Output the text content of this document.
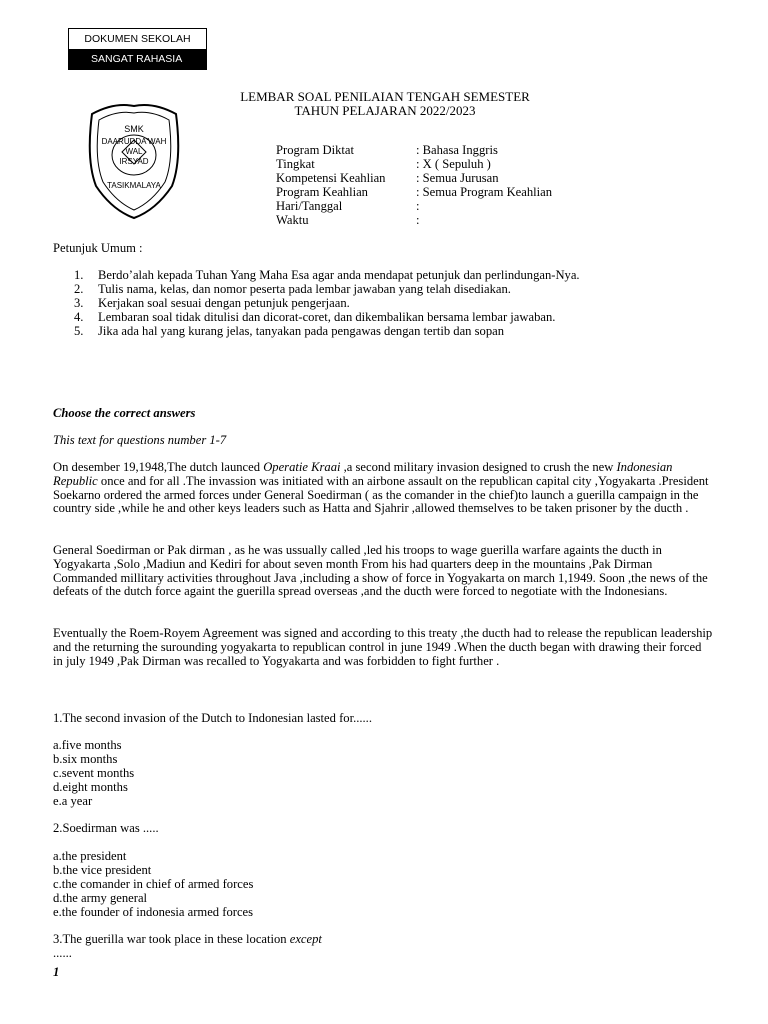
DOKUMEN SEKOLAH
SANGAT RAHASIA
LEMBAR SOAL PENILAIAN TENGAH SEMESTER
TAHUN PELAJARAN 2022/2023
SMK
DAARUDDA'WAH
WAL
IRSYAD
TASIKMALAYA
Program Diktat	: Bahasa Inggris
Tingkat	: X ( Sepuluh )
Kompetensi Keahlian	: Semua Jurusan
Program Keahlian	: Semua Program Keahlian
Hari/Tanggal	:
Waktu	:
Petunjuk Umum :
1.	Berdo’alah kepada Tuhan Yang Maha Esa agar anda mendapat petunjuk dan perlindungan-Nya.
2.	Tulis nama, kelas, dan nomor peserta pada lembar jawaban yang telah disediakan.
3.	Kerjakan soal sesuai dengan petunjuk pengerjaan.
4.	Lembaran soal tidak ditulisi dan dicorat-coret, dan dikembalikan bersama lembar jawaban.
5.	Jika ada hal yang kurang jelas, tanyakan pada pengawas dengan tertib dan sopan
Choose the correct answers
This text for questions number 1-7
On desember 19,1948,The dutch launced Operatie Kraai ,a second military invasion designed to crush the new Indonesian Republic once and for all .The invassion was initiated with an airbone assault on the republican capital city ,Yogyakarta .President Soekarno ordered the armed forces under General Soedirman ( as the comander in the chief)to launch a guerilla campaign in the country side ,while he and other keys leaders such as Hatta and Sjahrir ,allowed themselves to be taken prisoner by the ducth .
General Soedirman or Pak dirman , as he was ussually called ,led his troops to wage guerilla warfare againts the ducth in Yogyakarta ,Solo ,Madiun and Kediri for about seven month From his had quarters deep in the mountains ,Pak Dirman Commanded millitary activities throughout Java ,including a show of force in Yogyakarta on march 1,1949. Soon ,the news of the defeats of the dutch force againt the guerilla spread overseas ,and the ducth were forced to negotiate with the Indonesians.
Eventually the Roem-Royem Agreement was signed and according to this treaty ,the ducth had to release the republican leadership and the returning the surounding yogyakarta to republican control in june 1949 .When the ducth began with drawing their forced in july 1949 ,Pak Dirman was recalled to Yogyakarta and was forbidden to fight further .
1.The second invasion of the Dutch to Indonesian lasted for......
a.five months
b.six months
c.sevent months
d.eight months
e.a year
2.Soedirman was .....
a.the president
b.the vice president
c.the comander in chief of armed forces
d.the army general
e.the founder of indonesia armed forces
3.The guerilla war took place in these location except
......
1
